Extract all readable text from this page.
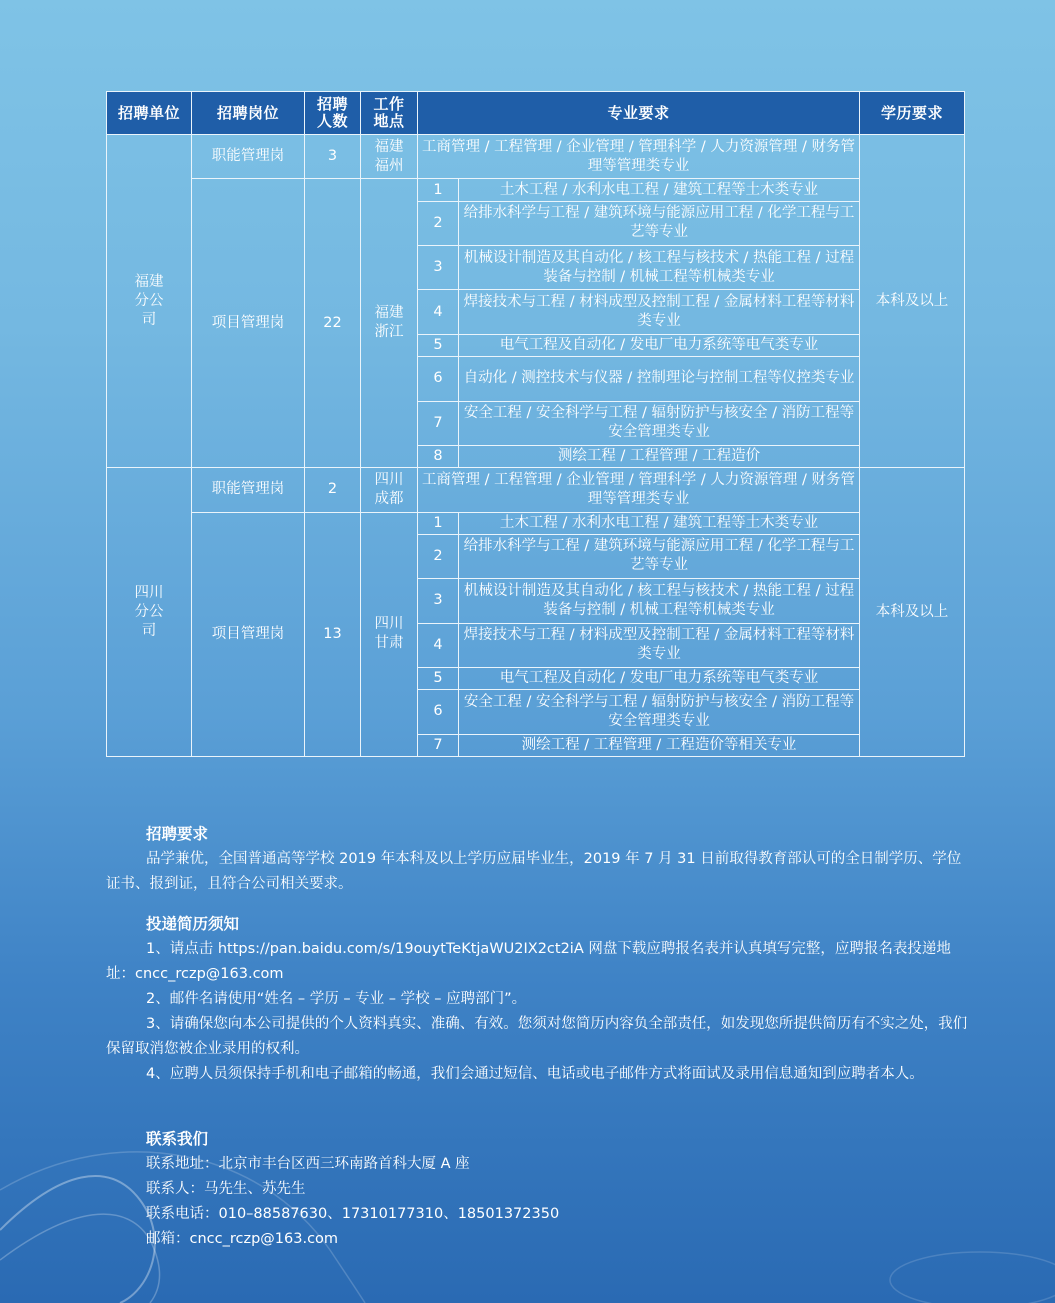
招聘单位	招聘岗位	招聘人数	工作地点	专业要求		学历要求
福建分公司	职能管理岗	3	福建福州	工商管理 / 工程管理 / 企业管理 / 管理科学 / 人力资源管理 / 财务管理等管理类专业		本科及以上
	项目管理岗	22	福建浙江	1	土木工程 / 水利水电工程 / 建筑工程等土木类专业	
				2	给排水科学与工程 / 建筑环境与能源应用工程 / 化学工程与工艺等专业	
				3	机械设计制造及其自动化 / 核工程与核技术 / 热能工程 / 过程装备与控制 / 机械工程等机械类专业	
				4	焊接技术与工程 / 材料成型及控制工程 / 金属材料工程等材料类专业	
				5	电气工程及自动化 / 发电厂电力系统等电气类专业	
				6	自动化 / 测控技术与仪器 / 控制理论与控制工程等仪控类专业	
				7	安全工程 / 安全科学与工程 / 辐射防护与核安全 / 消防工程等安全管理类专业	
				8	测绘工程 / 工程管理 / 工程造价	
四川分公司	职能管理岗	2	四川成都	工商管理 / 工程管理 / 企业管理 / 管理科学 / 人力资源管理 / 财务管理等管理类专业		本科及以上
	项目管理岗	13	四川甘肃	1	土木工程 / 水利水电工程 / 建筑工程等土木类专业	
				2	给排水科学与工程 / 建筑环境与能源应用工程 / 化学工程与工艺等专业	
				3	机械设计制造及其自动化 / 核工程与核技术 / 热能工程 / 过程装备与控制 / 机械工程等机械类专业	
				4	焊接技术与工程 / 材料成型及控制工程 / 金属材料工程等材料类专业	
				5	电气工程及自动化 / 发电厂电力系统等电气类专业	
				6	安全工程 / 安全科学与工程 / 辐射防护与核安全 / 消防工程等安全管理类专业	
				7	测绘工程 / 工程管理 / 工程造价等相关专业	
招聘要求

品学兼优，全国普通高等学校 2019 年本科及以上学历应届毕业生，2019 年 7 月 31 日前取得教育部认可的全日制学历、学位证书、报到证，且符合公司相关要求。

投递简历须知

1、请点击 https://pan.baidu.com/s/19ouytTeKtjaWU2IX2ct2iA 网盘下载应聘报名表并认真填写完整，应聘报名表投递地址：cncc_rczp@163.com

2、邮件名请使用“姓名 – 学历 – 专业 – 学校 – 应聘部门”。

3、请确保您向本公司提供的个人资料真实、准确、有效。您须对您简历内容负全部责任，如发现您所提供简历有不实之处，我们保留取消您被企业录用的权利。

4、应聘人员须保持手机和电子邮箱的畅通，我们会通过短信、电话或电子邮件方式将面试及录用信息通知到应聘者本人。

联系我们
联系地址：北京市丰台区西三环南路首科大厦 A 座
联系人：马先生、苏先生
联系电话：010–88587630、17310177310、18501372350
邮箱：cncc_rczp@163.com
